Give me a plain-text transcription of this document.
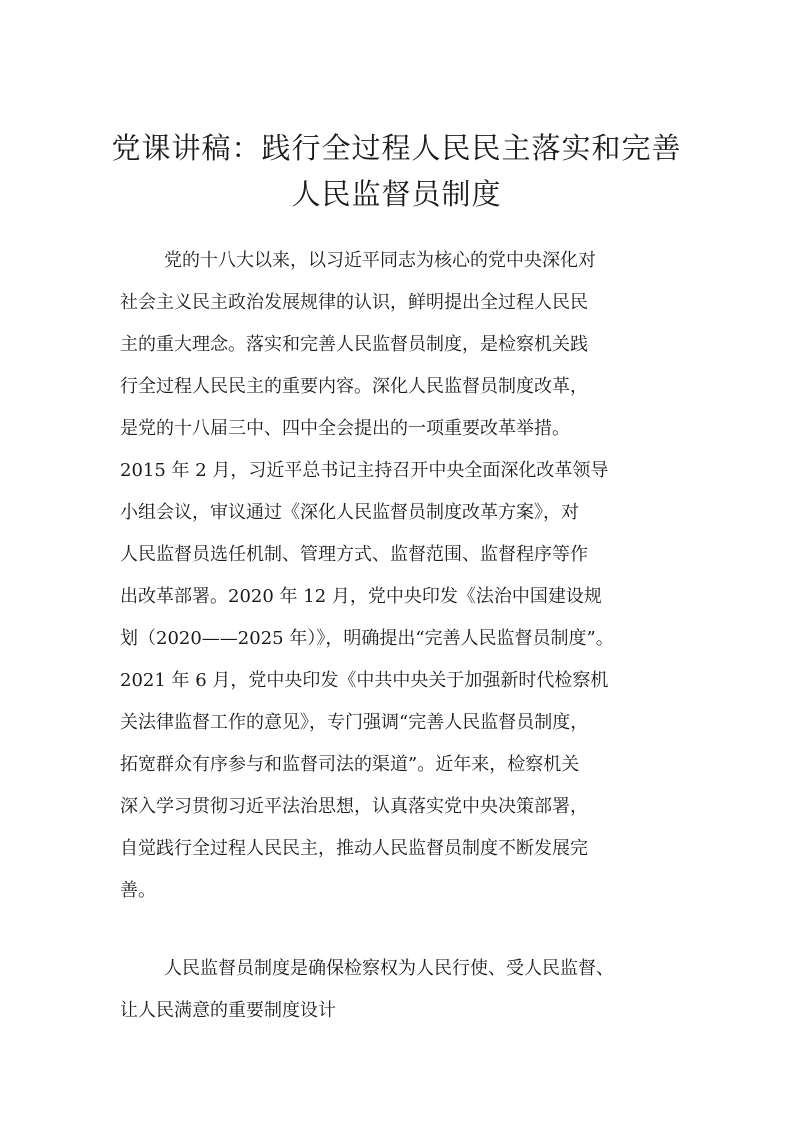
党课讲稿：践行全过程人民民主落实和完善
人民监督员制度
党的十八大以来，以习近平同志为核心的党中央深化对
社会主义民主政治发展规律的认识，鲜明提出全过程人民民
主的重大理念。落实和完善人民监督员制度，是检察机关践
行全过程人民民主的重要内容。深化人民监督员制度改革，
是党的十八届三中、四中全会提出的一项重要改革举措。
2015 年 2 月，习近平总书记主持召开中央全面深化改革领导
小组会议，审议通过《深化人民监督员制度改革方案》，对
人民监督员选任机制、管理方式、监督范围、监督程序等作
出改革部署。2020 年 12 月，党中央印发《法治中国建设规
划（2020——2025 年）》，明确提出“完善人民监督员制度”。
2021 年 6 月，党中央印发《中共中央关于加强新时代检察机
关法律监督工作的意见》，专门强调“完善人民监督员制度，
拓宽群众有序参与和监督司法的渠道”。近年来，检察机关
深入学习贯彻习近平法治思想，认真落实党中央决策部署，
自觉践行全过程人民民主，推动人民监督员制度不断发展完
善。
人民监督员制度是确保检察权为人民行使、受人民监督、
让人民满意的重要制度设计
